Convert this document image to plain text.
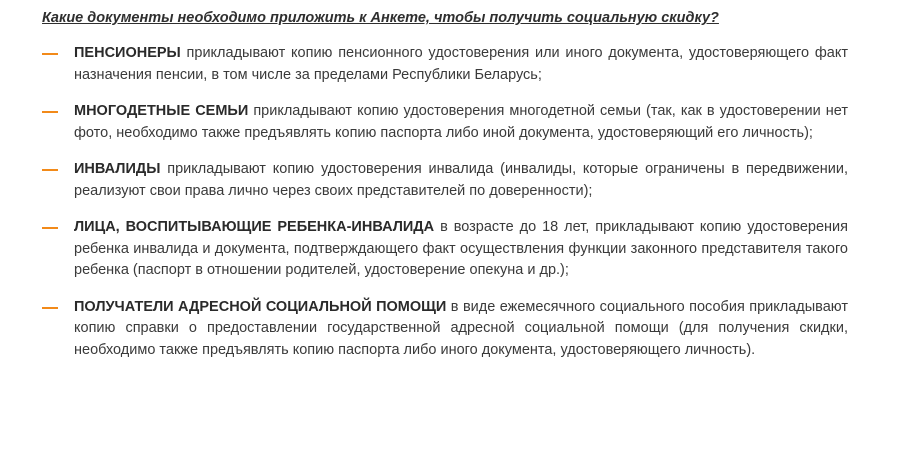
Какие документы необходимо приложить к Анкете, чтобы получить социальную скидку?

ПЕНСИОНЕРЫ прикладывают копию пенсионного удостоверения или иного документа, удостоверяющего факт назначения пенсии, в том числе за пределами Республики Беларусь;

МНОГОДЕТНЫЕ СЕМЬИ прикладывают копию удостоверения многодетной семьи (так, как в удостоверении нет фото, необходимо также предъявлять копию паспорта либо иной документа, удостоверяющий его личность);

ИНВАЛИДЫ прикладывают копию удостоверения инвалида (инвалиды, которые ограничены в передвижении, реализуют свои права лично через своих представителей по доверенности);

ЛИЦА, ВОСПИТЫВАЮЩИЕ РЕБЕНКА-ИНВАЛИДА в возрасте до 18 лет, прикладывают копию удостоверения ребенка инвалида и документа, подтверждающего факт осуществления функции законного представителя такого ребенка (паспорт в отношении родителей, удостоверение опекуна и др.);

ПОЛУЧАТЕЛИ АДРЕСНОЙ СОЦИАЛЬНОЙ ПОМОЩИ в виде ежемесячного социального пособия прикладывают копию справки о предоставлении государственной адресной социальной помощи (для получения скидки, необходимо также предъявлять копию паспорта либо иного документа, удостоверяющего личность).
